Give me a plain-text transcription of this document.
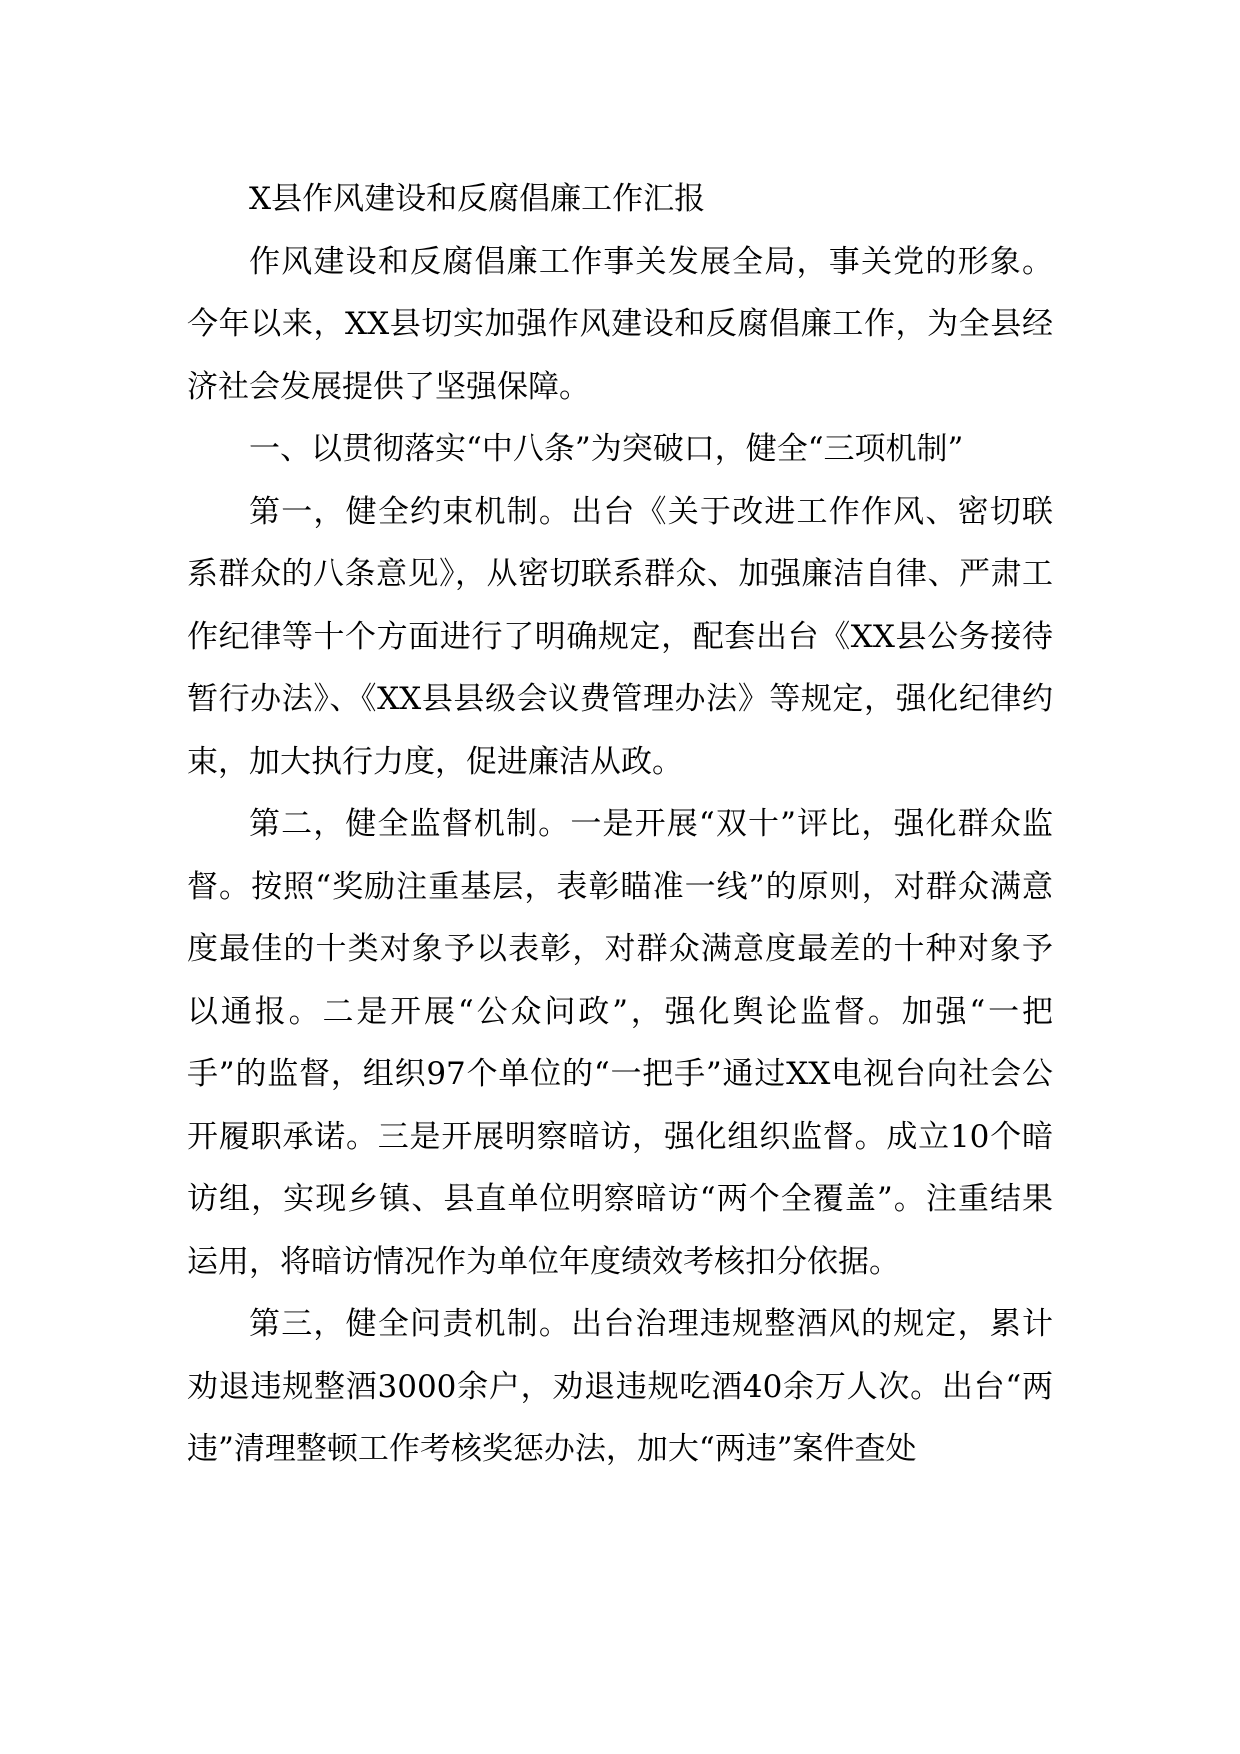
X县作风建设和反腐倡廉工作汇报

作风建设和反腐倡廉工作事关发展全局，事关党的形象。今年以来，XX县切实加强作风建设和反腐倡廉工作，为全县经济社会发展提供了坚强保障。

一、以贯彻落实“中八条”为突破口，健全“三项机制”

第一，健全约束机制。出台《关于改进工作作风、密切联系群众的八条意见》，从密切联系群众、加强廉洁自律、严肃工作纪律等十个方面进行了明确规定，配套出台《XX县公务接待暂行办法》、《XX县县级会议费管理办法》等规定，强化纪律约束，加大执行力度，促进廉洁从政。

第二，健全监督机制。一是开展“双十”评比，强化群众监督。按照“奖励注重基层，表彰瞄准一线”的原则，对群众满意度最佳的十类对象予以表彰，对群众满意度最差的十种对象予以通报。二是开展“公众问政”，强化舆论监督。加强“一把手”的监督，组织97个单位的“一把手”通过XX电视台向社会公开履职承诺。三是开展明察暗访，强化组织监督。成立10个暗访组，实现乡镇、县直单位明察暗访“两个全覆盖”。注重结果运用，将暗访情况作为单位年度绩效考核扣分依据。

第三，健全问责机制。出台治理违规整酒风的规定，累计劝退违规整酒3000余户，劝退违规吃酒40余万人次。出台“两违”清理整顿工作考核奖惩办法，加大“两违”案件查处
